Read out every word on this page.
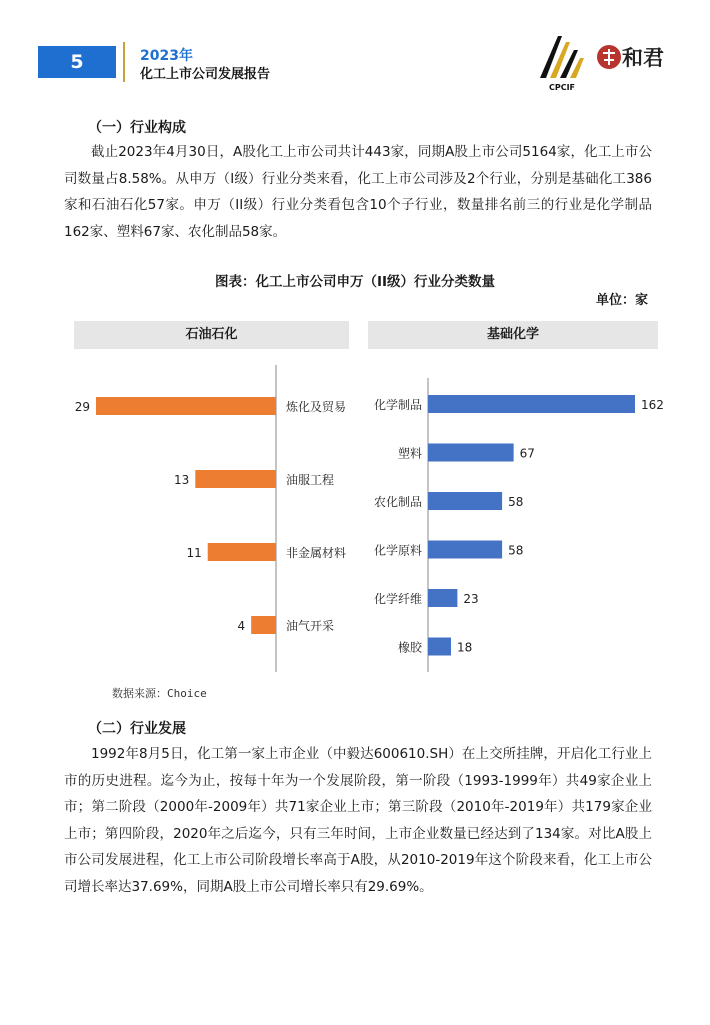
5	2023年
化工上市公司发展报告
CPCIF
和君
（一）行业构成
截止2023年4月30日，A股化工上市公司共计443家，同期A股上市公司5164家，化工上市公司数量占8.58%。从申万（I级）行业分类来看，化工上市公司涉及2个行业，分别是基础化工386家和石油石化57家。申万（II级）行业分类看包含10个子行业，数量排名前三的行业是化学制品162家、塑料67家、农化制品58家。
图表：化工上市公司申万（II级）行业分类数量
单位：家
石油石化	基础化学
29	炼化及贸易
13	油服工程
11	非金属材料
4	油气开采
162
化学制品
67
塑料
58
农化制品
58
化学原料
23
化学纤维
18
橡胶
数据来源：Choice
（二）行业发展
1992年8月5日，化工第一家上市企业（中毅达600610.SH）在上交所挂牌，开启化工行业上市的历史进程。迄今为止，按每十年为一个发展阶段，第一阶段（1993-1999年）共49家企业上市；第二阶段（2000年-2009年）共71家企业上市；第三阶段（2010年-2019年）共179家企业上市；第四阶段，2020年之后迄今，只有三年时间，上市企业数量已经达到了134家。对比A股上市公司发展进程，化工上市公司阶段增长率高于A股，从2010-2019年这个阶段来看，化工上市公司增长率达37.69%，同期A股上市公司增长率只有29.69%。
